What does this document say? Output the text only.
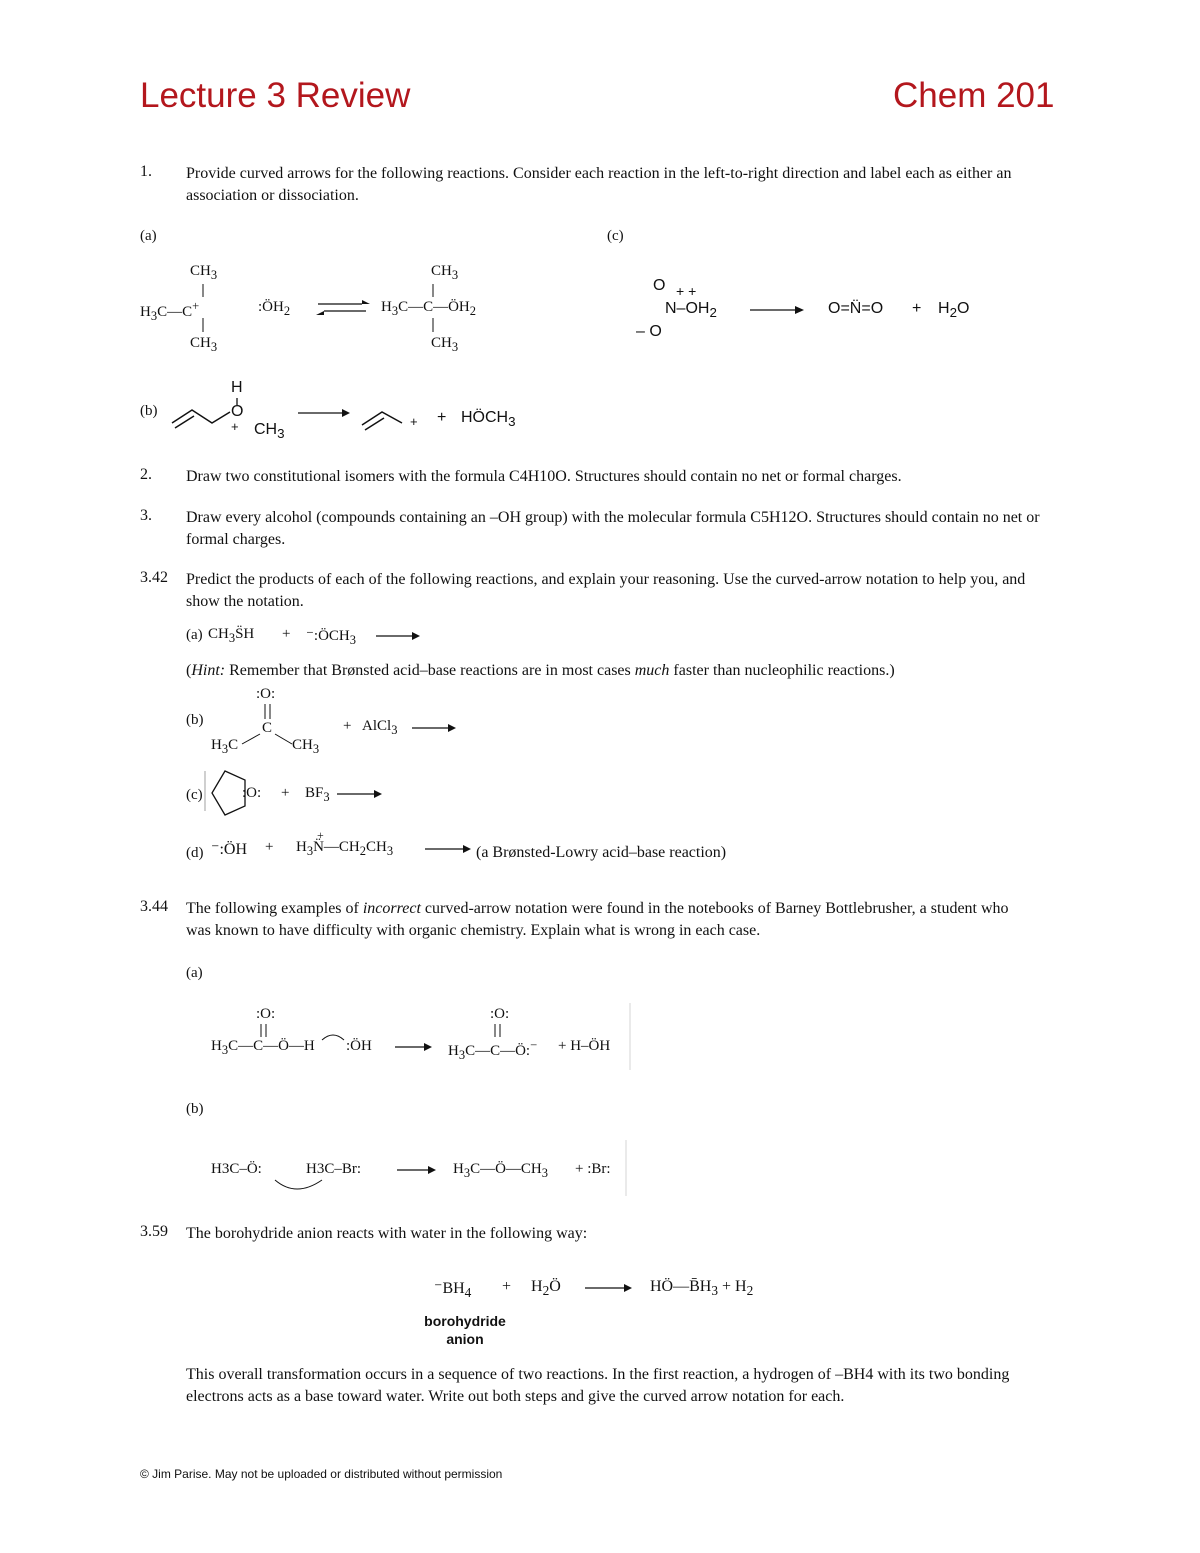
Lecture 3 Review	Chem 201
1. Provide curved arrows for the following reactions. Consider each reaction in the left-to-right direction and label each as either an association or dissociation.
(a)
$CH_3$
$H_3C—C^+$
$CH_3$
$:ÖH_2$
$CH_3$
$H_3C—C—ÖH_2$
$CH_3$
(c)
O + +
$N-OH_2$
– O
O=N̈=O + $H_2O$
(b)
H
O
+ $CH_3$
+ + $HÖCH_3$
2. Draw two constitutional isomers with the formula C4H10O. Structures should contain no net or formal charges.
3. Draw every alcohol (compounds containing an –OH group) with the molecular formula C5H12O. Structures should contain no net or formal charges.
3.42 Predict the products of each of the following reactions, and explain your reasoning. Use the curved-arrow notation to help you, and show the notation.
(a) $CH_3S̈H$ + $^-:ÖCH_3$
(Hint: Remember that Brønsted acid–base reactions are in most cases much faster than nucleophilic reactions.)
(b)
:O:
C
$H_3C$	$CH_3$
+ AlCl$_3$
(c)	:O: + $BF_3$
(d) ⁻:ÖH + $H_3N̈—CH_2CH_3$
+
(a Brønsted-Lowry acid–base reaction)
3.44 The following examples of incorrect curved-arrow notation were found in the notebooks of Barney Bottlebrusher, a student who was known to have difficulty with organic chemistry. Explain what is wrong in each case.
(a)
:O:
$H_3C—C—Ö—H$ :ÖH
:O:
$H_3C—C—Ö:^-$ + H–ÖH
(b)
H3C–Ö:	H3C–Br:	$H_3C—Ö—CH_3$ + :Br:
3.59 The borohydride anion reacts with water in the following way:
$^-BH_4$ + $H_2Ö$	$HÖ—B̄H_3 + H_2$
borohydride
anion
This overall transformation occurs in a sequence of two reactions. In the first reaction, a hydrogen of –BH4 with its two bonding electrons acts as a base toward water. Write out both steps and give the curved arrow notation for each.
© Jim Parise. May not be uploaded or distributed without permission
